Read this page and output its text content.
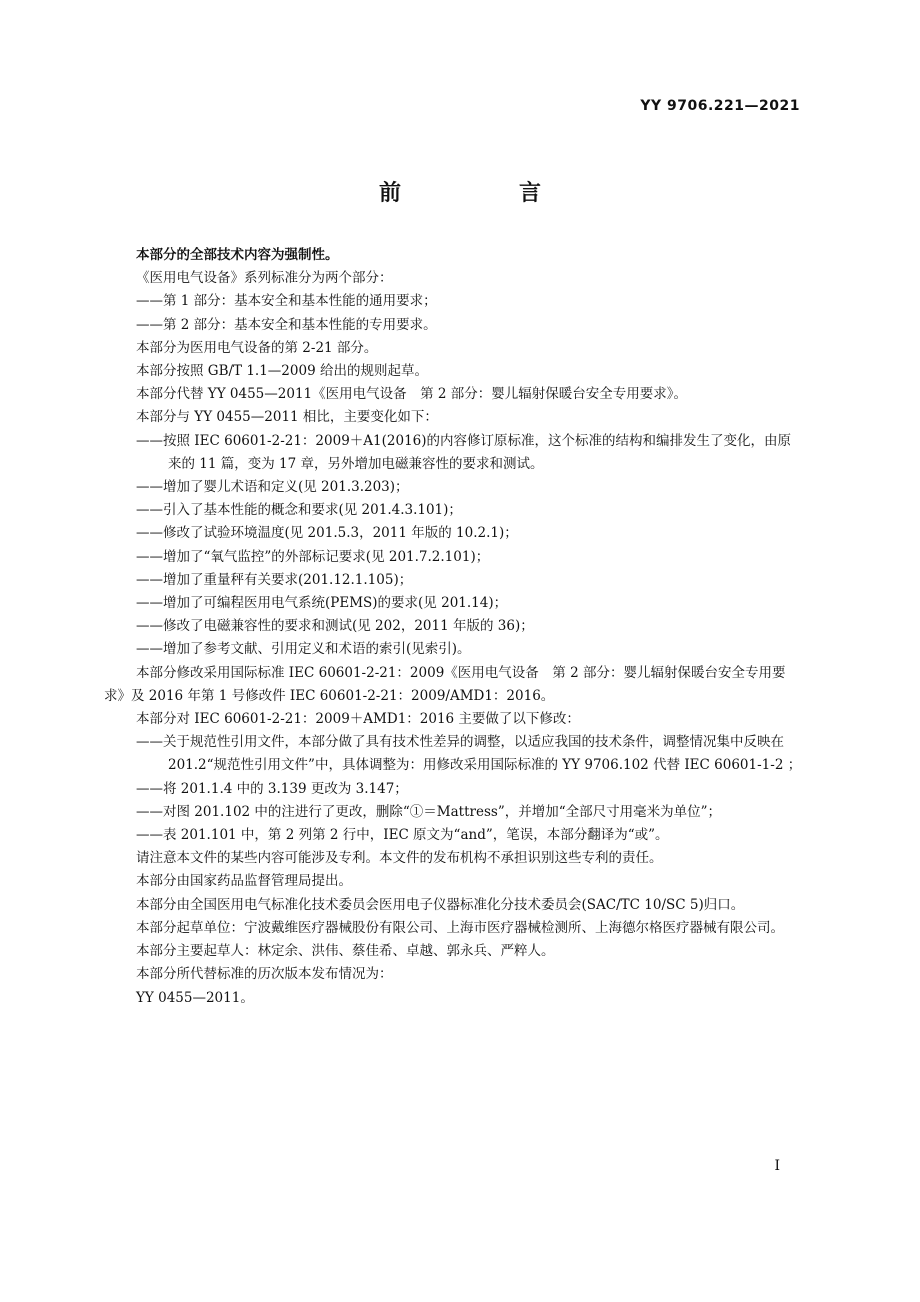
YY 9706.221—2021
前　言

本部分的全部技术内容为强制性。

《医用电气设备》系列标准分为两个部分：

——第 1 部分：基本安全和基本性能的通用要求；

——第 2 部分：基本安全和基本性能的专用要求。

本部分为医用电气设备的第 2-21 部分。

本部分按照 GB/T 1.1—2009 给出的规则起草。

本部分代替 YY 0455—2011《医用电气设备　第 2 部分：婴儿辐射保暖台安全专用要求》。

本部分与 YY 0455—2011 相比，主要变化如下：

——按照 IEC 60601-2-21：2009＋A1(2016)的内容修订原标准，这个标准的结构和编排发生了变化，由原来的 11 篇，变为 17 章，另外增加电磁兼容性的要求和测试。

——增加了婴儿术语和定义(见 201.3.203)；

——引入了基本性能的概念和要求(见 201.4.3.101)；

——修改了试验环境温度(见 201.5.3，2011 年版的 10.2.1)；

——增加了“氧气监控”的外部标记要求(见 201.7.2.101)；

——增加了重量秤有关要求(201.12.1.105)；

——增加了可编程医用电气系统(PEMS)的要求(见 201.14)；

——修改了电磁兼容性的要求和测试(见 202，2011 年版的 36)；

——增加了参考文献、引用定义和术语的索引(见索引)。

本部分修改采用国际标准 IEC 60601-2-21：2009《医用电气设备　第 2 部分：婴儿辐射保暖台安全专用要求》及 2016 年第 1 号修改件 IEC 60601-2-21：2009/AMD1：2016。

本部分对 IEC 60601-2-21：2009＋AMD1：2016 主要做了以下修改：

——关于规范性引用文件，本部分做了具有技术性差异的调整，以适应我国的技术条件，调整情况集中反映在 201.2“规范性引用文件”中，具体调整为：用修改采用国际标准的 YY 9706.102 代替 IEC 60601-1-2 ；

——将 201.1.4 中的 3.139 更改为 3.147；

——对图 201.102 中的注进行了更改，删除“①＝Mattress”，并增加“全部尺寸用毫米为单位”；

——表 201.101 中，第 2 列第 2 行中，IEC 原文为“and”，笔误，本部分翻译为“或”。

请注意本文件的某些内容可能涉及专利。本文件的发布机构不承担识别这些专利的责任。

本部分由国家药品监督管理局提出。

本部分由全国医用电气标准化技术委员会医用电子仪器标准化分技术委员会(SAC/TC 10/SC 5)归口。

本部分起草单位：宁波戴维医疗器械股份有限公司、上海市医疗器械检测所、上海德尔格医疗器械有限公司。

本部分主要起草人：林定余、洪伟、蔡佳希、卓越、郭永兵、严粹人。

本部分所代替标准的历次版本发布情况为：

YY 0455—2011。

I
